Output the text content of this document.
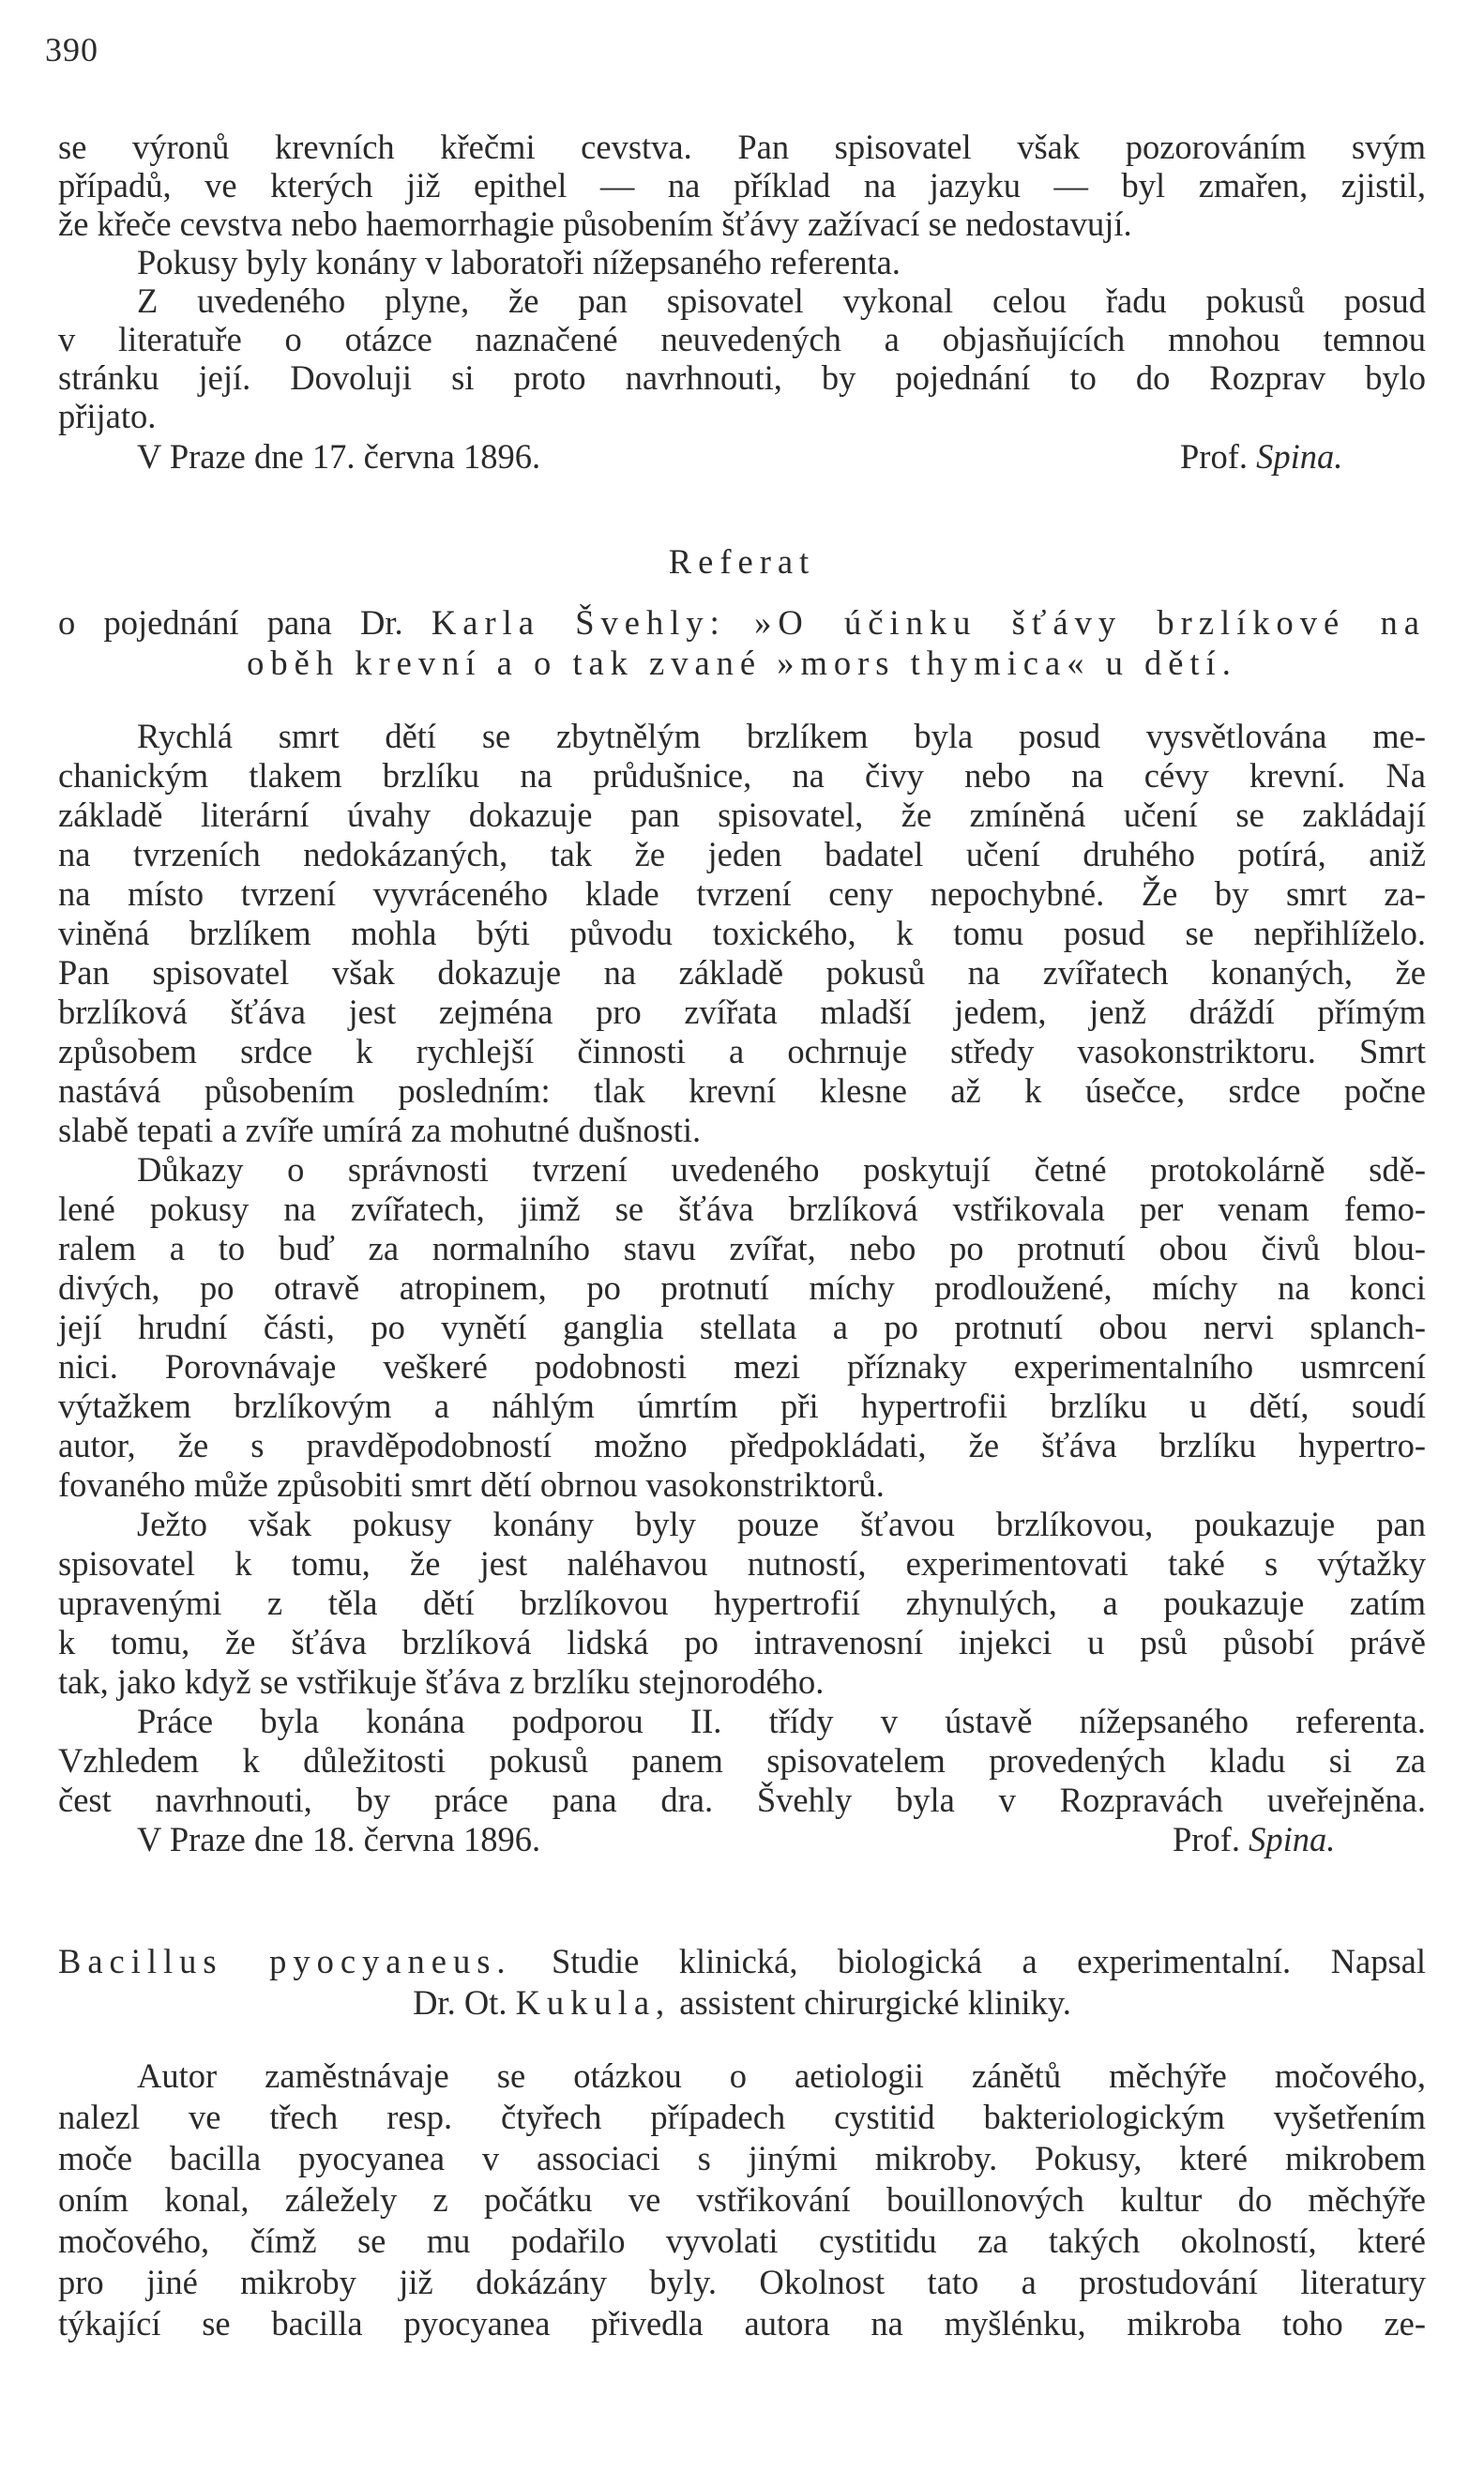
390
se výronů krevních křečmi cevstva. Pan spisovatel však pozorováním svým
případů, ve kterých již epithel — na příklad na jazyku — byl zmařen, zjistil,
že křeče cevstva nebo haemorrhagie působením šťávy zažívací se nedostavují.
Pokusy byly konány v laboratoři nížepsaného referenta.
Z uvedeného plyne, že pan spisovatel vykonal celou řadu pokusů posud
v literatuře o otázce naznačené neuvedených a objasňujících mnohou temnou
stránku její. Dovoluji si proto navrhnouti, by pojednání to do Rozprav bylo
přijato.
V Praze dne 17. června 1896.	Prof. Spina.
Referat
o pojednání pana Dr. Karla Švehly: »O účinku šťávy brzlíkové na
oběh krevní a o tak zvané »mors thymica« u dětí.
Rychlá smrt dětí se zbytnělým brzlíkem byla posud vysvětlována me-
chanickým tlakem brzlíku na průdušnice, na čivy nebo na cévy krevní. Na
základě literární úvahy dokazuje pan spisovatel, že zmíněná učení se zakládají
na tvrzeních nedokázaných, tak že jeden badatel učení druhého potírá, aniž
na místo tvrzení vyvráceného klade tvrzení ceny nepochybné. Že by smrt za-
viněná brzlíkem mohla býti původu toxického, k tomu posud se nepřihlíželo.
Pan spisovatel však dokazuje na základě pokusů na zvířatech konaných, že
brzlíková šťáva jest zejména pro zvířata mladší jedem, jenž dráždí přímým
způsobem srdce k rychlejší činnosti a ochrnuje středy vasokonstriktoru. Smrt
nastává působením posledním: tlak krevní klesne až k úsečce, srdce počne
slabě tepati a zvíře umírá za mohutné dušnosti.
Důkazy o správnosti tvrzení uvedeného poskytují četné protokolárně sdě-
lené pokusy na zvířatech, jimž se šťáva brzlíková vstřikovala per venam femo-
ralem a to buď za normalního stavu zvířat, nebo po protnutí obou čivů blou-
divých, po otravě atropinem, po protnutí míchy prodloužené, míchy na konci
její hrudní části, po vynětí ganglia stellata a po protnutí obou nervi splanch-
nici. Porovnávaje veškeré podobnosti mezi příznaky experimentalního usmrcení
výtažkem brzlíkovým a náhlým úmrtím při hypertrofii brzlíku u dětí, soudí
autor, že s pravděpodobností možno předpokládati, že šťáva brzlíku hypertro-
fovaného může způsobiti smrt dětí obrnou vasokonstriktorů.
Ježto však pokusy konány byly pouze šťavou brzlíkovou, poukazuje pan
spisovatel k tomu, že jest naléhavou nutností, experimentovati také s výtažky
upravenými z těla dětí brzlíkovou hypertrofií zhynulých, a poukazuje zatím
k tomu, že šťáva brzlíková lidská po intravenosní injekci u psů působí právě
tak, jako když se vstřikuje šťáva z brzlíku stejnorodého.
Práce byla konána podporou II. třídy v ústavě nížepsaného referenta.
Vzhledem k důležitosti pokusů panem spisovatelem provedených kladu si za
čest navrhnouti, by práce pana dra. Švehly byla v Rozpravách uveřejněna.
V Praze dne 18. června 1896.	Prof. Spina.
Bacillus pyocyaneus. Studie klinická, biologická a experimentalní. Napsal
Dr. Ot. Kukula, assistent chirurgické kliniky.
Autor zaměstnávaje se otázkou o aetiologii zánětů měchýře močového,
nalezl ve třech resp. čtyřech případech cystitid bakteriologickým vyšetřením
moče bacilla pyocyanea v associaci s jinými mikroby. Pokusy, které mikrobem
oním konal, záležely z počátku ve vstřikování bouillonových kultur do měchýře
močového, čímž se mu podařilo vyvolati cystitidu za takých okolností, které
pro jiné mikroby již dokázány byly. Okolnost tato a prostudování literatury
týkající se bacilla pyocyanea přivedla autora na myšlénku, mikroba toho ze-
